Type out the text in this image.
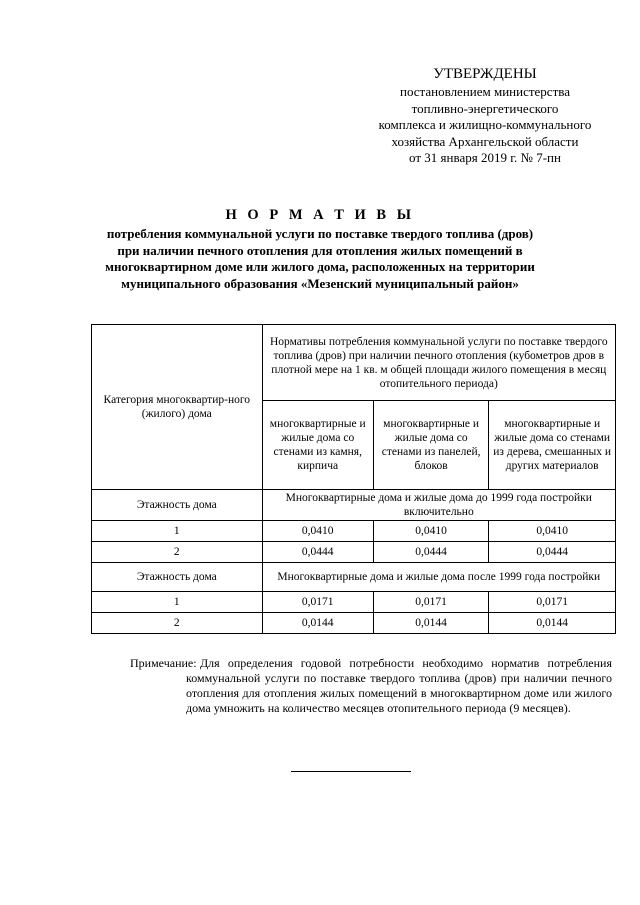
УТВЕРЖДЕНЫ
постановлением министерства
топливно-энергетического
комплекса и жилищно-коммунального
хозяйства Архангельской области
от 31 января 2019 г. № 7-пн
Н О Р М А Т И В Ы
потребления коммунальной услуги по поставке твердого топлива (дров)
при наличии печного отопления для отопления жилых помещений в
многоквартирном доме или жилого дома, расположенных на территории
муниципального образования «Мезенский муниципальный район»
Категория многоквартир-ного (жилого) дома	Нормативы потребления коммунальной услуги по поставке твердого топлива (дров) при наличии печного отопления (кубометров дров в плотной мере на 1 кв. м общей площади жилого помещения в месяц отопительного периода)		
	многоквартирные и жилые дома со стенами из камня, кирпича	многоквартирные и жилые дома со стенами из панелей, блоков	многоквартирные и жилые дома со стенами из дерева, смешанных и других материалов
Этажность дома	Многоквартирные дома и жилые дома до 1999 года постройки включительно		
1	0,0410	0,0410	0,0410
2	0,0444	0,0444	0,0444
Этажность дома	Многоквартирные дома и жилые дома после 1999 года постройки		
1	0,0171	0,0171	0,0171
2	0,0144	0,0144	0,0144
Примечание: Для определения годовой потребности необходимо норматив потребления коммунальной услуги по поставке твердого топлива (дров) при наличии печного отопления для отопления жилых помещений в многоквартирном доме или жилого дома умножить на количество месяцев отопительного периода (9 месяцев).
